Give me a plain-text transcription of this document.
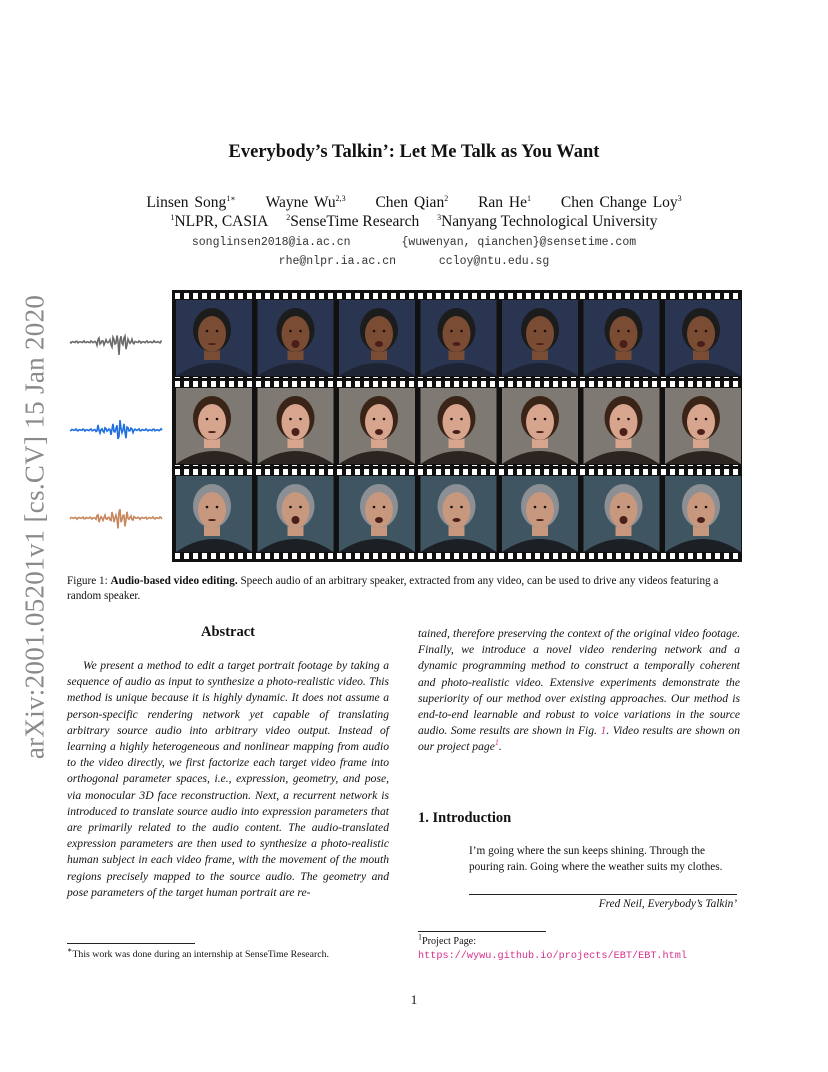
arXiv:2001.05201v1 [cs.CV] 15 Jan 2020
Everybody’s Talkin’: Let Me Talk as You Want
Linsen Song$^{1∗}$ Wayne Wu$^{2,3}$ Chen Qian$^2$ Ran He$^1$ Chen Change Loy$^3$
$^1$NLPR, CASIA $^2$SenseTime Research $^3$Nanyang Technological University
songlinsen2018@ia.ac.cn	{wuwenyan, qianchen}@sensetime.com
rhe@nlpr.ia.ac.cn	ccloy@ntu.edu.sg
Figure 1: Audio-based video editing. Speech audio of an arbitrary speaker, extracted from any video, can be used to drive any videos featuring a random speaker.
Abstract
We present a method to edit a target portrait footage by taking a sequence of audio as input to synthesize a photo-realistic video. This method is unique because it is highly dynamic. It does not assume a person-specific rendering network yet capable of translating arbitrary source audio into arbitrary video output. Instead of learning a highly heterogeneous and nonlinear mapping from audio to the video directly, we first factorize each target video frame into orthogonal parameter spaces, i.e., expression, geometry, and pose, via monocular 3D face reconstruction. Next, a recurrent network is introduced to translate source audio into expression parameters that are primarily related to the audio content. The audio-translated expression parameters are then used to synthesize a photo-realistic human subject in each video frame, with the movement of the mouth regions precisely mapped to the source audio. The geometry and pose parameters of the target human portrait are re-
tained, therefore preserving the context of the original video footage. Finally, we introduce a novel video rendering network and a dynamic programming method to construct a temporally coherent and photo-realistic video. Extensive experiments demonstrate the superiority of our method over existing approaches. Our method is end-to-end learnable and robust to voice variations in the source audio. Some results are shown in Fig. 1. Video results are shown on our project page$^1$.
1. Introduction
I’m going where the sun keeps shining. Through the pouring rain. Going where the weather suits my clothes.
Fred Neil, Everybody’s Talkin’
∗This work was done during an internship at SenseTime Research.
$^1$Project Page: https://wywu.github.io/projects/EBT/EBT.html
1
